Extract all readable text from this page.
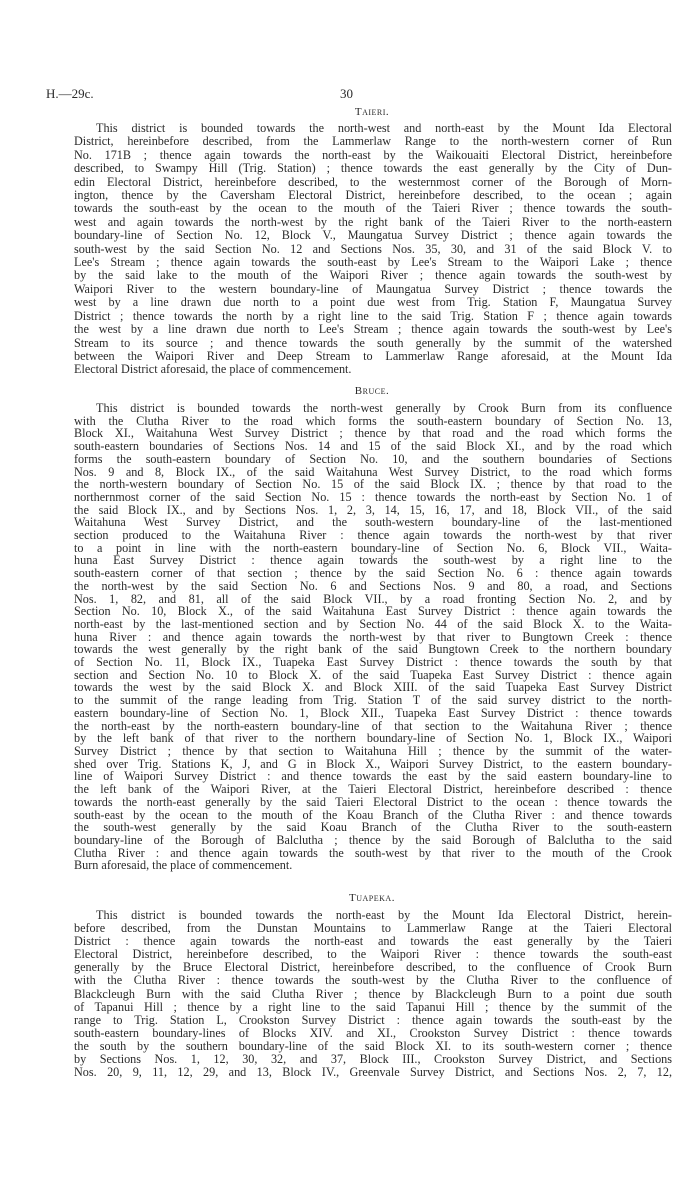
H.—29c.	30
Taieri.
This district is bounded towards the north-west and north-east by the Mount Ida Electoral
District, hereinbefore described, from the Lammerlaw Range to the north-western corner of Run
No. 171B ; thence again towards the north-east by the Waikouaiti Electoral District, hereinbefore
described, to Swampy Hill (Trig. Station) ; thence towards the east generally by the City of Dun-
edin Electoral District, hereinbefore described, to the westernmost corner of the Borough of Morn-
ington, thence by the Caversham Electoral District, hereinbefore described, to the ocean ; again
towards the south-east by the ocean to the mouth of the Taieri River ; thence towards the south-
west and again towards the north-west by the right bank of the Taieri River to the north-eastern
boundary-line of Section No. 12, Block V., Maungatua Survey District ; thence again towards the
south-west by the said Section No. 12 and Sections Nos. 35, 30, and 31 of the said Block V. to
Lee's Stream ; thence again towards the south-east by Lee's Stream to the Waipori Lake ; thence
by the said lake to the mouth of the Waipori River ; thence again towards the south-west by
Waipori River to the western boundary-line of Maungatua Survey District ; thence towards the
west by a line drawn due north to a point due west from Trig. Station F, Maungatua Survey
District ; thence towards the north by a right line to the said Trig. Station F ; thence again towards
the west by a line drawn due north to Lee's Stream ; thence again towards the south-west by Lee's
Stream to its source ; and thence towards the south generally by the summit of the watershed
between the Waipori River and Deep Stream to Lammerlaw Range aforesaid, at the Mount Ida
Electoral District aforesaid, the place of commencement.
Bruce.
This district is bounded towards the north-west generally by Crook Burn from its confluence
with the Clutha River to the road which forms the south-eastern boundary of Section No. 13,
Block XI., Waitahuna West Survey District ; thence by that road and the road which forms the
south-eastern boundaries of Sections Nos. 14 and 15 of the said Block XI., and by the road which
forms the south-eastern boundary of Section No. 10, and the southern boundaries of Sections
Nos. 9 and 8, Block IX., of the said Waitahuna West Survey District, to the road which forms
the north-western boundary of Section No. 15 of the said Block IX. ; thence by that road to the
northernmost corner of the said Section No. 15 : thence towards the north-east by Section No. 1 of
the said Block IX., and by Sections Nos. 1, 2, 3, 14, 15, 16, 17, and 18, Block VII., of the said
Waitahuna West Survey District, and the south-western boundary-line of the last-mentioned
section produced to the Waitahuna River : thence again towards the north-west by that river
to a point in line with the north-eastern boundary-line of Section No. 6, Block VII., Waita-
huna East Survey District : thence again towards the south-west by a right line to the
south-eastern corner of that section ; thence by the said Section No. 6 : thence again towards
the north-west by the said Section No. 6 and Sections Nos. 9 and 80, a road, and Sections
Nos. 1, 82, and 81, all of the said Block VII., by a road fronting Section No. 2, and by
Section No. 10, Block X., of the said Waitahuna East Survey District : thence again towards the
north-east by the last-mentioned section and by Section No. 44 of the said Block X. to the Waita-
huna River : and thence again towards the north-west by that river to Bungtown Creek : thence
towards the west generally by the right bank of the said Bungtown Creek to the northern boundary
of Section No. 11, Block IX., Tuapeka East Survey District : thence towards the south by that
section and Section No. 10 to Block X. of the said Tuapeka East Survey District : thence again
towards the west by the said Block X. and Block XIII. of the said Tuapeka East Survey District
to the summit of the range leading from Trig. Station T of the said survey district to the north-
eastern boundary-line of Section No. 1, Block XII., Tuapeka East Survey District : thence towards
the north-east by the north-eastern boundary-line of that section to the Waitahuna River ; thence
by the left bank of that river to the northern boundary-line of Section No. 1, Block IX., Waipori
Survey District ; thence by that section to Waitahuna Hill ; thence by the summit of the water-
shed over Trig. Stations K, J, and G in Block X., Waipori Survey District, to the eastern boundary-
line of Waipori Survey District : and thence towards the east by the said eastern boundary-line to
the left bank of the Waipori River, at the Taieri Electoral District, hereinbefore described : thence
towards the north-east generally by the said Taieri Electoral District to the ocean : thence towards the
south-east by the ocean to the mouth of the Koau Branch of the Clutha River : and thence towards
the south-west generally by the said Koau Branch of the Clutha River to the south-eastern
boundary-line of the Borough of Balclutha ; thence by the said Borough of Balclutha to the said
Clutha River : and thence again towards the south-west by that river to the mouth of the Crook
Burn aforesaid, the place of commencement.
Tuapeka.
This district is bounded towards the north-east by the Mount Ida Electoral District, herein-
before described, from the Dunstan Mountains to Lammerlaw Range at the Taieri Electoral
District : thence again towards the north-east and towards the east generally by the Taieri
Electoral District, hereinbefore described, to the Waipori River : thence towards the south-east
generally by the Bruce Electoral District, hereinbefore described, to the confluence of Crook Burn
with the Clutha River : thence towards the south-west by the Clutha River to the confluence of
Blackcleugh Burn with the said Clutha River ; thence by Blackcleugh Burn to a point due south
of Tapanui Hill ; thence by a right line to the said Tapanui Hill ; thence by the summit of the
range to Trig. Station L, Crookston Survey District : thence again towards the south-east by the
south-eastern boundary-lines of Blocks XIV. and XI., Crookston Survey District : thence towards
the south by the southern boundary-line of the said Block XI. to its south-western corner ; thence
by Sections Nos. 1, 12, 30, 32, and 37, Block III., Crookston Survey District, and Sections
Nos. 20, 9, 11, 12, 29, and 13, Block IV., Greenvale Survey District, and Sections Nos. 2, 7, 12,
